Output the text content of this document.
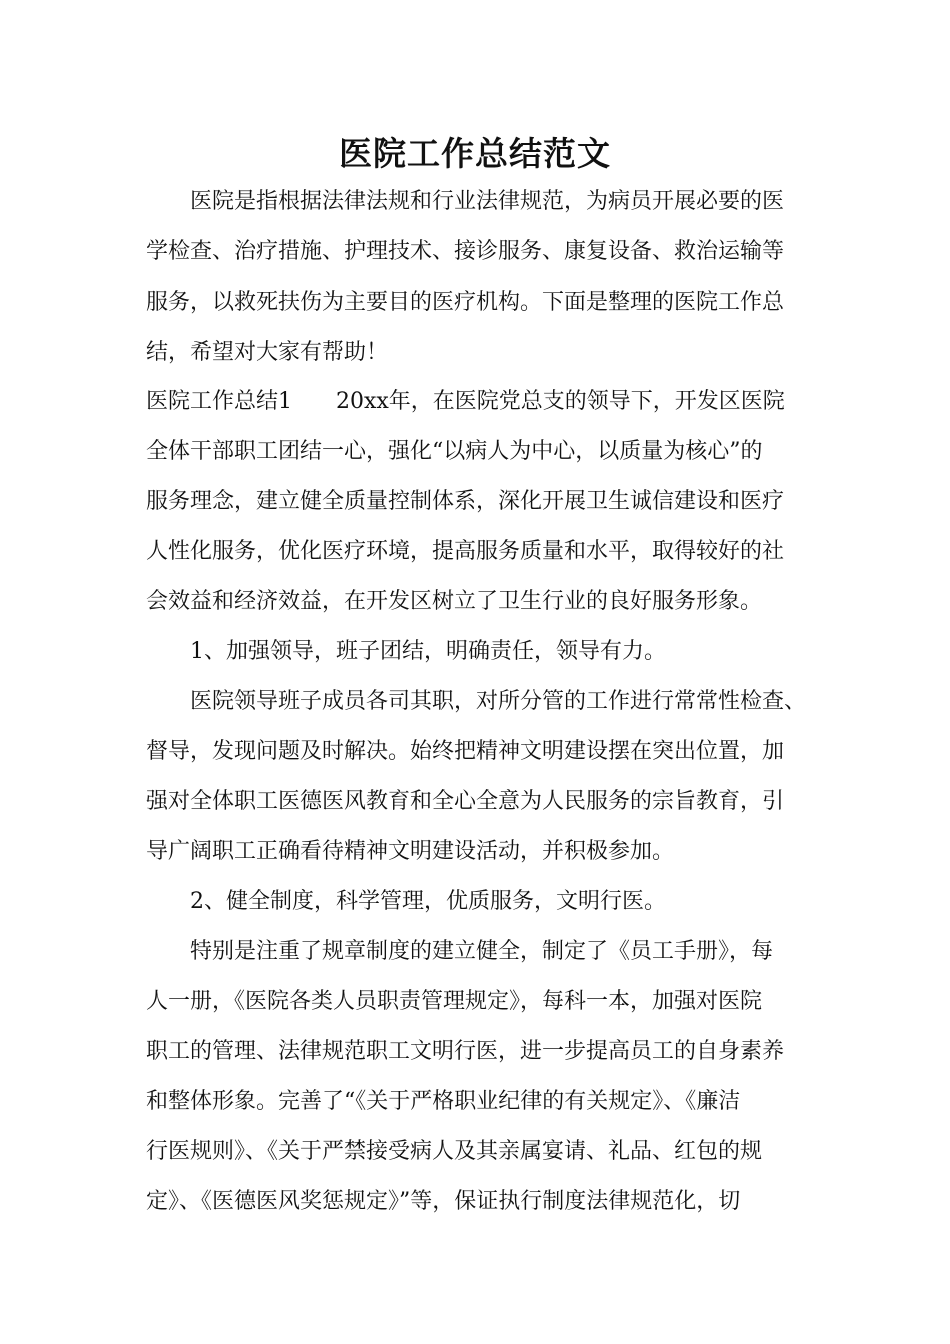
医院工作总结范文

医院是指根据法律法规和行业法律规范，为病员开展必要的医

学检查、治疗措施、护理技术、接诊服务、康复设备、救治运输等

服务，以救死扶伤为主要目的医疗机构。下面是整理的医院工作总

结，希望对大家有帮助！

医院工作总结1 20xx年，在医院党总支的领导下，开发区医院

全体干部职工团结一心，强化“以病人为中心，以质量为核心”的

服务理念，建立健全质量控制体系，深化开展卫生诚信建设和医疗

人性化服务，优化医疗环境，提高服务质量和水平，取得较好的社

会效益和经济效益，在开发区树立了卫生行业的良好服务形象。

1、加强领导，班子团结，明确责任，领导有力。

医院领导班子成员各司其职，对所分管的工作进行常常性检查、

督导，发现问题及时解决。始终把精神文明建设摆在突出位置，加

强对全体职工医德医风教育和全心全意为人民服务的宗旨教育，引

导广阔职工正确看待精神文明建设活动，并积极参加。

2、健全制度，科学管理，优质服务，文明行医。

特别是注重了规章制度的建立健全，制定了《员工手册》，每

人一册，《医院各类人员职责管理规定》，每科一本，加强对医院

职工的管理、法律规范职工文明行医，进一步提高员工的自身素养

和整体形象。完善了“《关于严格职业纪律的有关规定》、《廉洁

行医规则》、《关于严禁接受病人及其亲属宴请、礼品、红包的规

定》、《医德医风奖惩规定》”等，保证执行制度法律规范化，切
